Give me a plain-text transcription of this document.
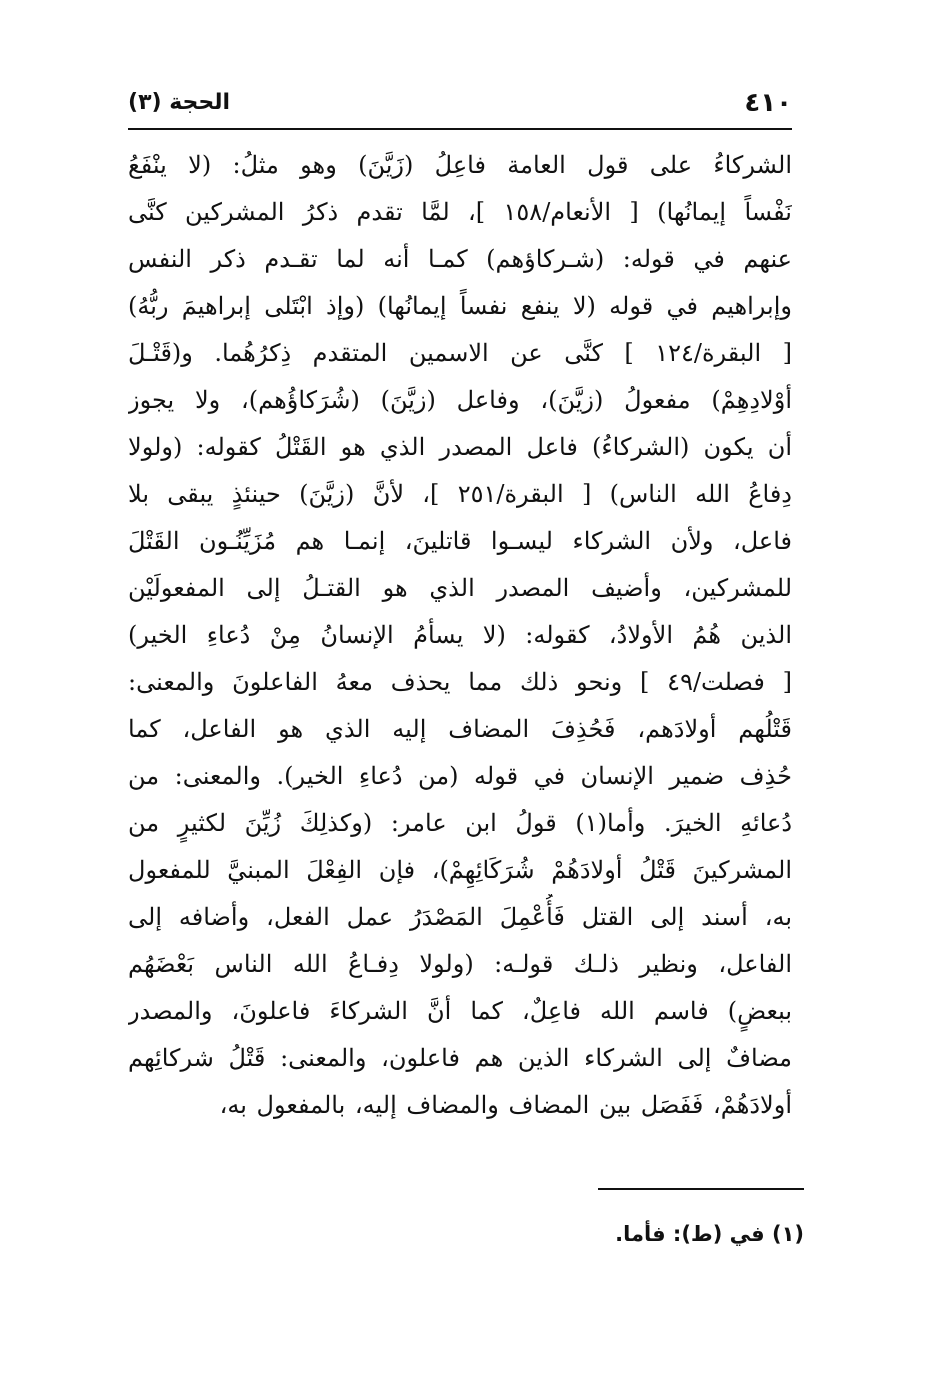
٤١٠
الحجة (٣)
الشركاءُ على قول العامة فاعِلُ (زَيَّنَ) وهو مثلُ: (لا ينْفَعُ
نَفْساً إيمانُها) [ الأنعام/١٥٨ ]، لمَّا تقدم ذكرُ المشركين كنَّى
عنهم في قوله: (شـركاؤهم) كمـا أنه لما تقـدم ذكر النفس
وإبراهيم في قوله (لا ينفع نفساً إيمانُها) (وإذ ابْتَلى إبراهيمَ ربُّهُ)
[ البقرة/١٢٤ ] كنَّى عن الاسمين المتقدم ذِكرُهُما. و(قَتْـلَ
أوْلادِهِمْ) مفعولُ (زيَّنَ)، وفاعل (زيَّنَ) (شُرَكاؤُهم)، ولا يجوز
أن يكون (الشركاءُ) فاعل المصدر الذي هو القَتْلُ كقوله: (ولولا
دِفاعُ الله الناس) [ البقرة/٢٥١ ]، لأنَّ (زيَّنَ) حينئذٍ يبقى بلا
فاعل، ولأن الشركاء ليسـوا قاتلينَ، إنمـا هم مُزَيِّنُـون القَتْلَ
للمشركين، وأضيف المصدر الذي هو القتـلُ إلى المفعولَيْن
الذين هُمُ الأولادُ، كقوله: (لا يسأمُ الإنسانُ مِنْ دُعاءِ الخير)
[ فصلت/٤٩ ] ونحو ذلك مما يحذف معهُ الفاعلونَ والمعنى:
قَتْلُهم أولادَهم، فَحُذِفَ المضاف إليه الذي هو الفاعل، كما
حُذِف ضمير الإنسان في قوله (من دُعاءِ الخير). والمعنى: من
دُعائهِ الخيرَ. وأما(١) قولُ ابن عامر: (وكذلِكَ زُيِّنَ لكثيرٍ من
المشركينَ قَتْلُ أولادَهُمْ شُرَكَائِهِمْ)، فإن الفِعْلَ المبنيَّ للمفعول
به، أسند إلى القتل فَأُعْمِلَ المَصْدَرُ عمل الفعل، وأضافه إلى
الفاعل، ونظير ذلـك قولـه: (ولولا دِفـاعُ الله الناس بَعْضَهُم
ببعضٍ) فاسم الله فاعِلٌ، كما أنَّ الشركاءَ فاعلونَ، والمصدر
مضافٌ إلى الشركاء الذين هم فاعلون، والمعنى: قَتْلُ شركائِهم
أولادَهُمْ، فَفَصَل بين المضاف والمضاف إليه، بالمفعول به،
(١) في (ط): فأما.
